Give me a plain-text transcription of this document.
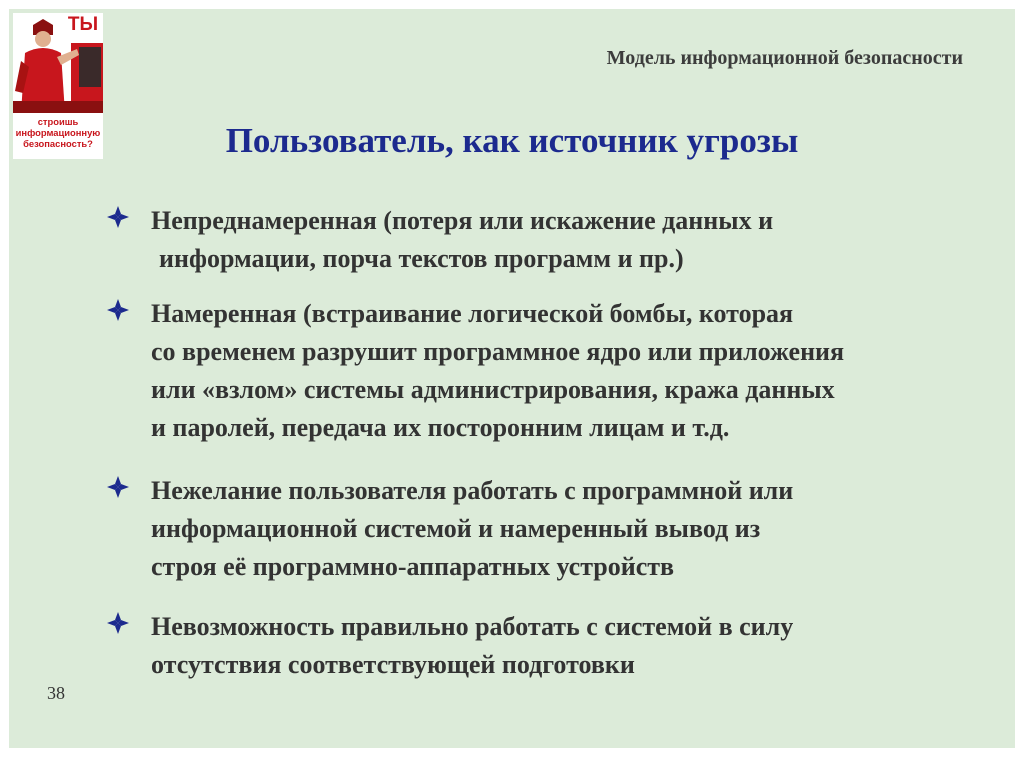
ТЫ
строишь
информационную
безопасность?
Модель информационной безопасности
Пользователь, как источник угрозы
Непреднамеренная (потеря или искажение данных и
информации, порча текстов программ и пр.)
Намеренная (встраивание логической бомбы, которая
со временем разрушит программное ядро или приложения
или «взлом» системы администрирования, кража данных
и паролей, передача их посторонним лицам и т.д.
Нежелание пользователя работать с программной или
информационной системой и намеренный вывод из
строя её программно-аппаратных устройств
Невозможность правильно работать с системой в силу
отсутствия соответствующей подготовки
38
